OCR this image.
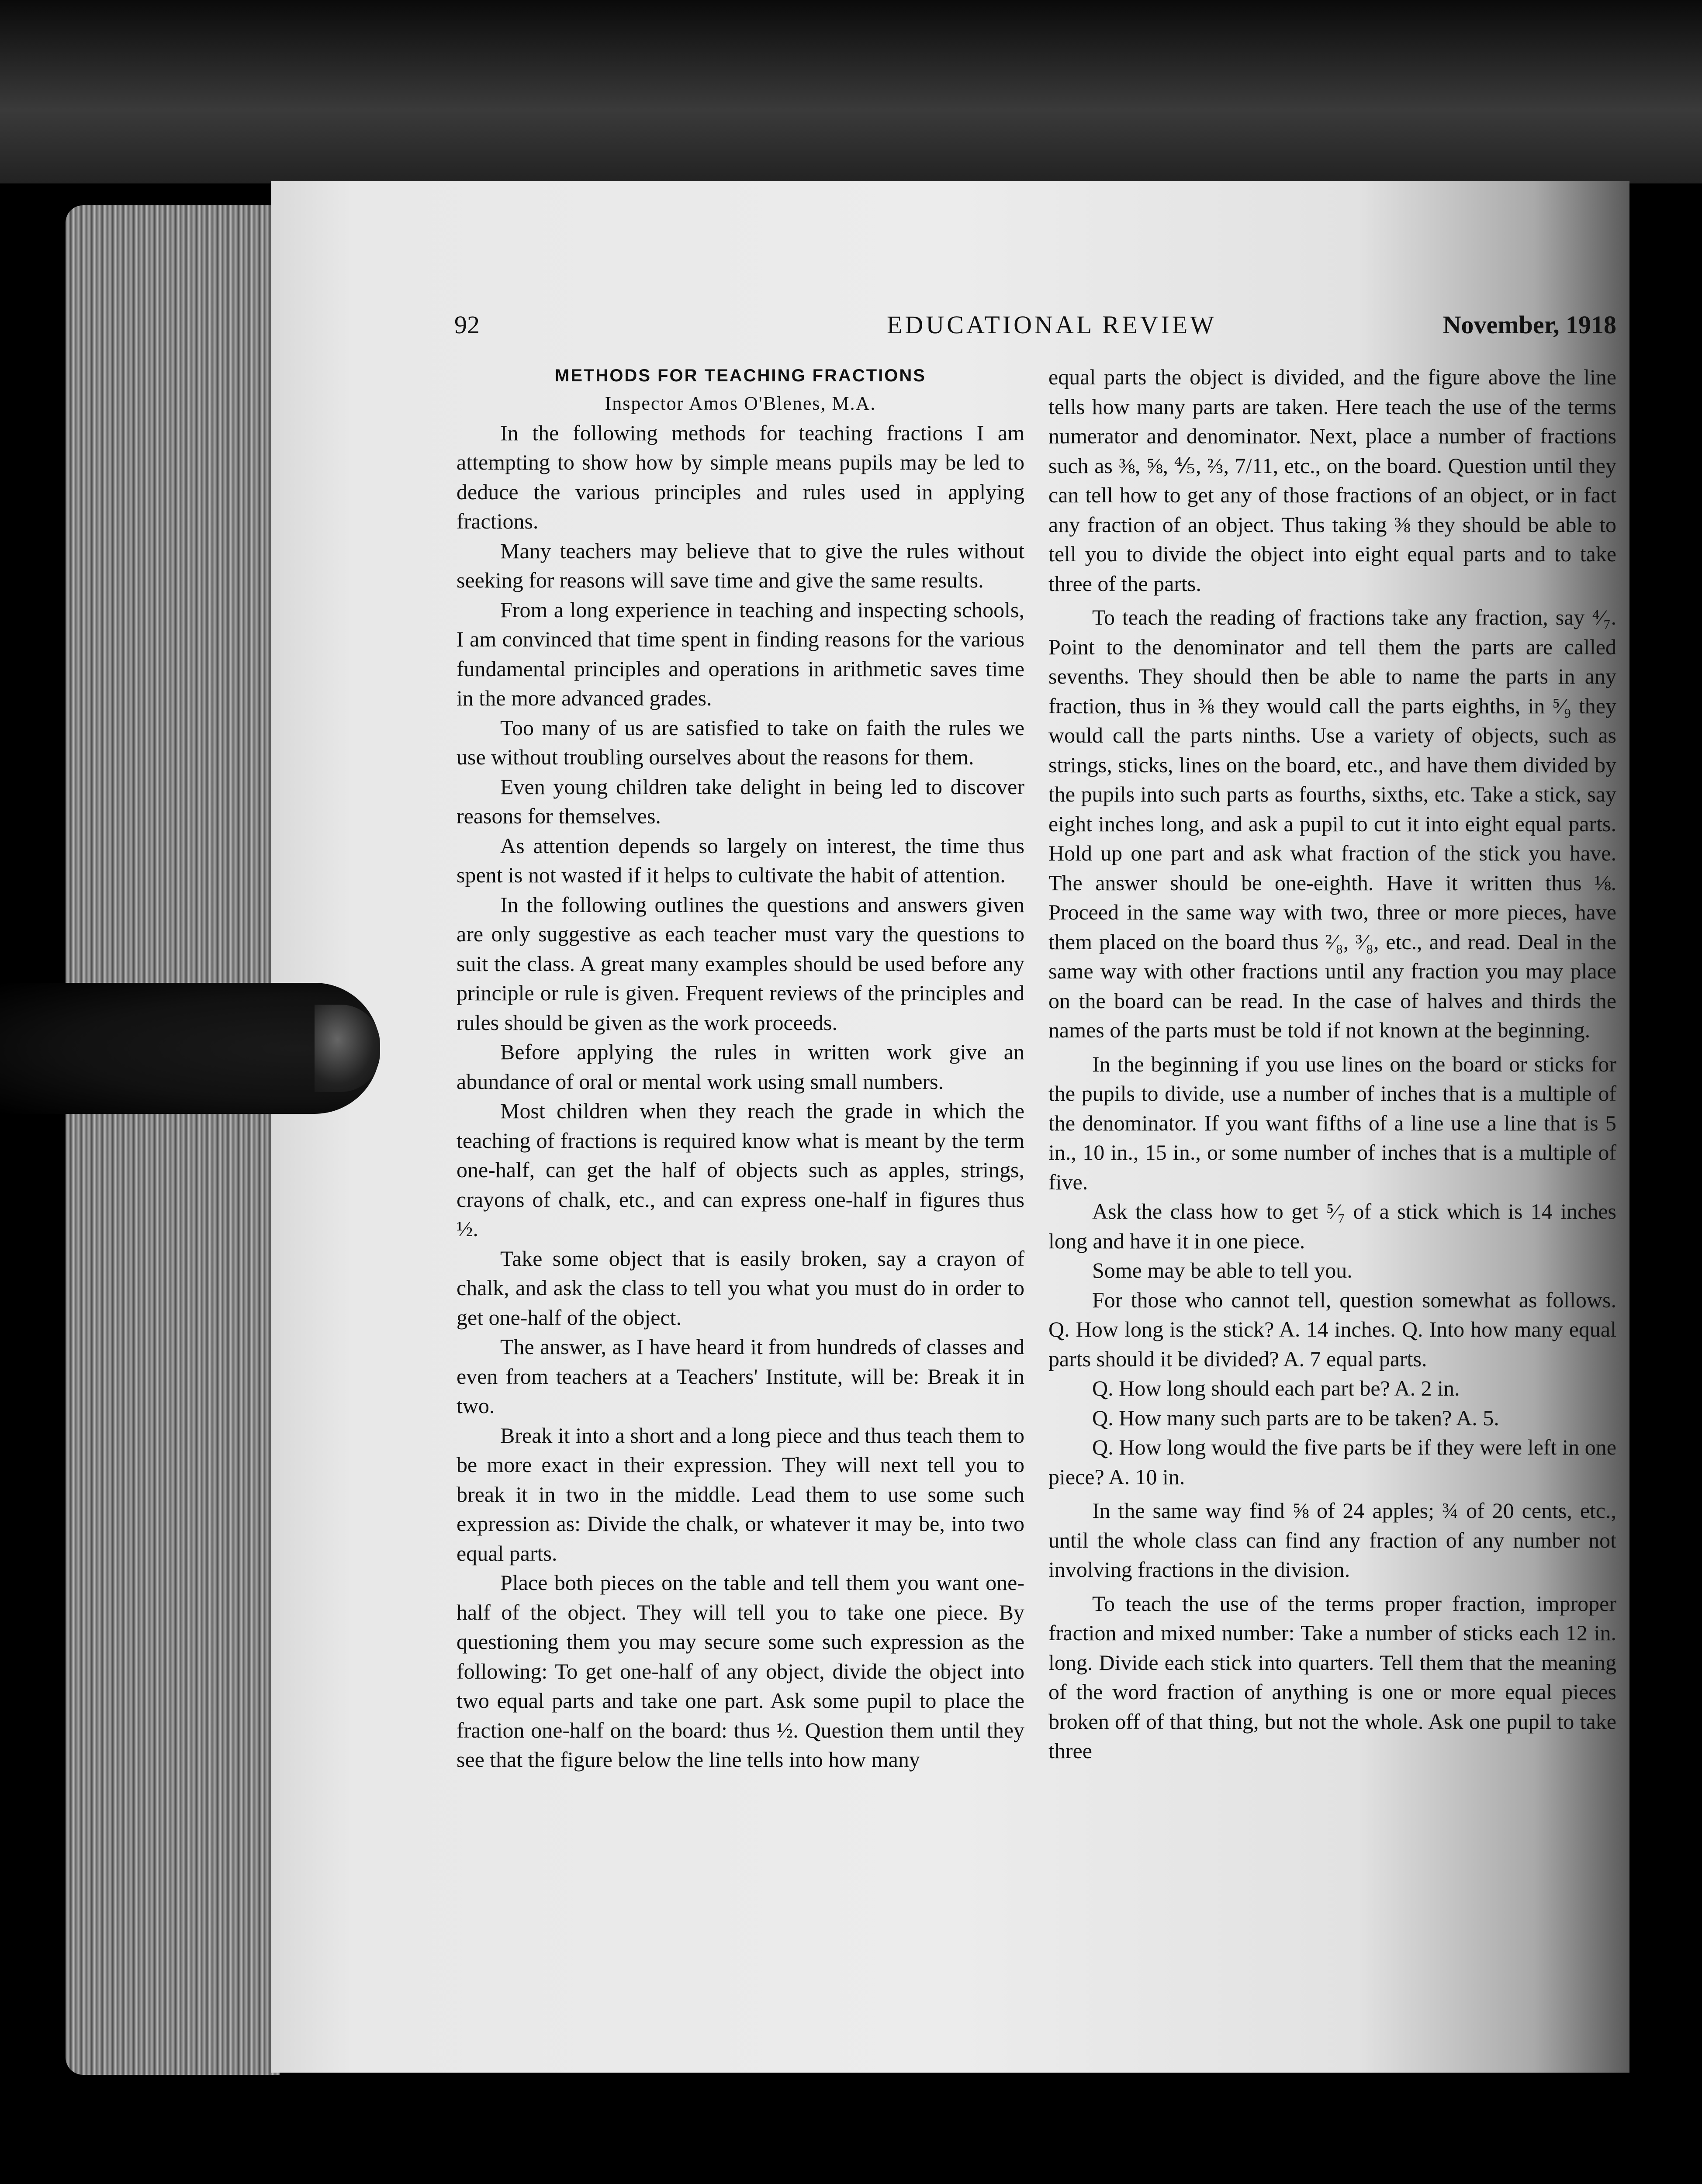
92	EDUCATIONAL REVIEW	November, 1918

METHODS FOR TEACHING FRACTIONS

Inspector Amos O'Blenes, M.A.

In the following methods for teaching fractions I am attempting to show how by simple means pupils may be led to deduce the various principles and rules used in applying fractions.

Many teachers may believe that to give the rules without seeking for reasons will save time and give the same results.

From a long experience in teaching and inspecting schools, I am convinced that time spent in finding reasons for the various fundamental principles and operations in arithmetic saves time in the more advanced grades.

Too many of us are satisfied to take on faith the rules we use without troubling ourselves about the reasons for them.

Even young children take delight in being led to discover reasons for themselves.

As attention depends so largely on interest, the time thus spent is not wasted if it helps to cultivate the habit of attention.

In the following outlines the questions and answers given are only suggestive as each teacher must vary the questions to suit the class. A great many examples should be used before any principle or rule is given. Frequent reviews of the principles and rules should be given as the work proceeds.

Before applying the rules in written work give an abundance of oral or mental work using small numbers.

Most children when they reach the grade in which the teaching of fractions is required know what is meant by the term one-half, can get the half of objects such as apples, strings, crayons of chalk, etc., and can express one-half in figures thus ½.

Take some object that is easily broken, say a crayon of chalk, and ask the class to tell you what you must do in order to get one-half of the object.

The answer, as I have heard it from hundreds of classes and even from teachers at a Teachers' Institute, will be: Break it in two.

Break it into a short and a long piece and thus teach them to be more exact in their expression. They will next tell you to break it in two in the middle. Lead them to use some such expression as: Divide the chalk, or whatever it may be, into two equal parts.

Place both pieces on the table and tell them you want one-half of the object. They will tell you to take one piece. By questioning them you may secure some such expression as the following: To get one-half of any object, divide the object into two equal parts and take one part. Ask some pupil to place the fraction one-half on the board: thus ½. Question them until they see that the figure below the line tells into how many

equal parts the object is divided, and the figure above the line tells how many parts are taken. Here teach the use of the terms numerator and denominator. Next, place a number of fractions such as ⅜, ⅝, ⅘, ⅔, 7/11, etc., on the board. Question until they can tell how to get any of those fractions of an object, or in fact any fraction of an object. Thus taking ⅜ they should be able to tell you to divide the object into eight equal parts and to take three of the parts.

To teach the reading of fractions take any fraction, say ⁴⁄₇. Point to the denominator and tell them the parts are called sevenths. They should then be able to name the parts in any fraction, thus in ⅜ they would call the parts eighths, in ⁵⁄₉ they would call the parts ninths. Use a variety of objects, such as strings, sticks, lines on the board, etc., and have them divided by the pupils into such parts as fourths, sixths, etc. Take a stick, say eight inches long, and ask a pupil to cut it into eight equal parts. Hold up one part and ask what fraction of the stick you have. The answer should be one-eighth. Have it written thus ⅛. Proceed in the same way with two, three or more pieces, have them placed on the board thus ²⁄₈, ³⁄₈, etc., and read. Deal in the same way with other fractions until any fraction you may place on the board can be read. In the case of halves and thirds the names of the parts must be told if not known at the beginning.

In the beginning if you use lines on the board or sticks for the pupils to divide, use a number of inches that is a multiple of the denominator. If you want fifths of a line use a line that is 5 in., 10 in., 15 in., or some number of inches that is a multiple of five.

Ask the class how to get ⁵⁄₇ of a stick which is 14 inches long and have it in one piece.

Some may be able to tell you.

For those who cannot tell, question somewhat as follows. Q. How long is the stick? A. 14 inches. Q. Into how many equal parts should it be divided? A. 7 equal parts.

Q. How long should each part be? A. 2 in.

Q. How many such parts are to be taken? A. 5.

Q. How long would the five parts be if they were left in one piece? A. 10 in.

In the same way find ⅝ of 24 apples; ¾ of 20 cents, etc., until the whole class can find any fraction of any number not involving fractions in the division.

To teach the use of the terms proper fraction, improper fraction and mixed number: Take a number of sticks each 12 in. long. Divide each stick into quarters. Tell them that the meaning of the word fraction of anything is one or more equal pieces broken off of that thing, but not the whole. Ask one pupil to take three
